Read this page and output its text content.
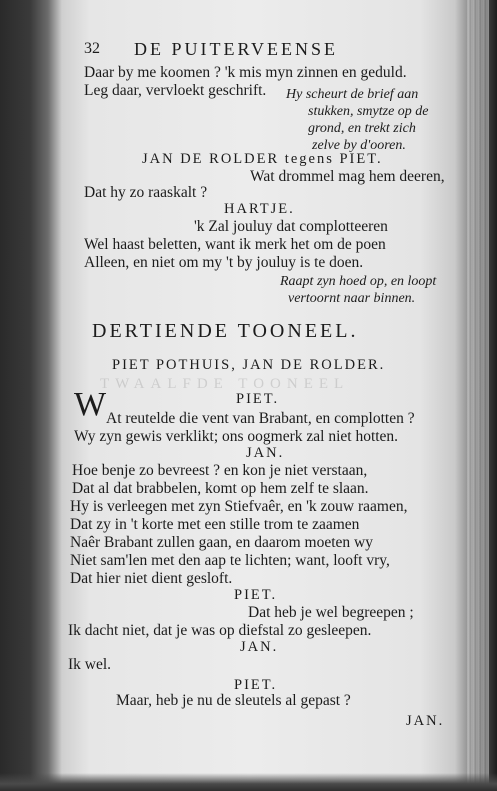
TWAALFDE TOONEEL
32 DE PUITERVEENSE
Daar by me koomen ? 'k mis myn zinnen en geduld.
Leg daar, vervloekt geschrift. Hy scheurt de brief aan
stukken, smytze op de
grond, en trekt zich
zelve by d'ooren.
JAN DE ROLDER tegens PIET.
Wat drommel mag hem deeren,
Dat hy zo raaskalt ?
HARTJE.
'k Zal jouluy dat complotteeren
Wel haast beletten, want ik merk het om de poen
Alleen, en niet om my 't by jouluy is te doen.
Raapt zyn hoed op, en loopt
vertoornt naar binnen.
DERTIENDE TOONEEL.
PIET POTHUIS, JAN DE ROLDER.
PIET.
W At reutelde die vent van Brabant, en complotten ?
Wy zyn gewis verklikt; ons oogmerk zal niet hotten.
JAN.
Hoe benje zo bevreest ? en kon je niet verstaan,
Dat al dat brabbelen, komt op hem zelf te slaan.
Hy is verleegen met zyn Stiefvaêr, en 'k zouw raamen,
Dat zy in 't korte met een stille trom te zaamen
Naêr Brabant zullen gaan, en daarom moeten wy
Niet sam'len met den aap te lichten; want, looft vry,
Dat hier niet dient gesloft.
PIET.
Dat heb je wel begreepen ;
Ik dacht niet, dat je was op diefstal zo gesleepen.
JAN.
Ik wel.
PIET.
Maar, heb je nu de sleutels al gepast ?
JAN.
